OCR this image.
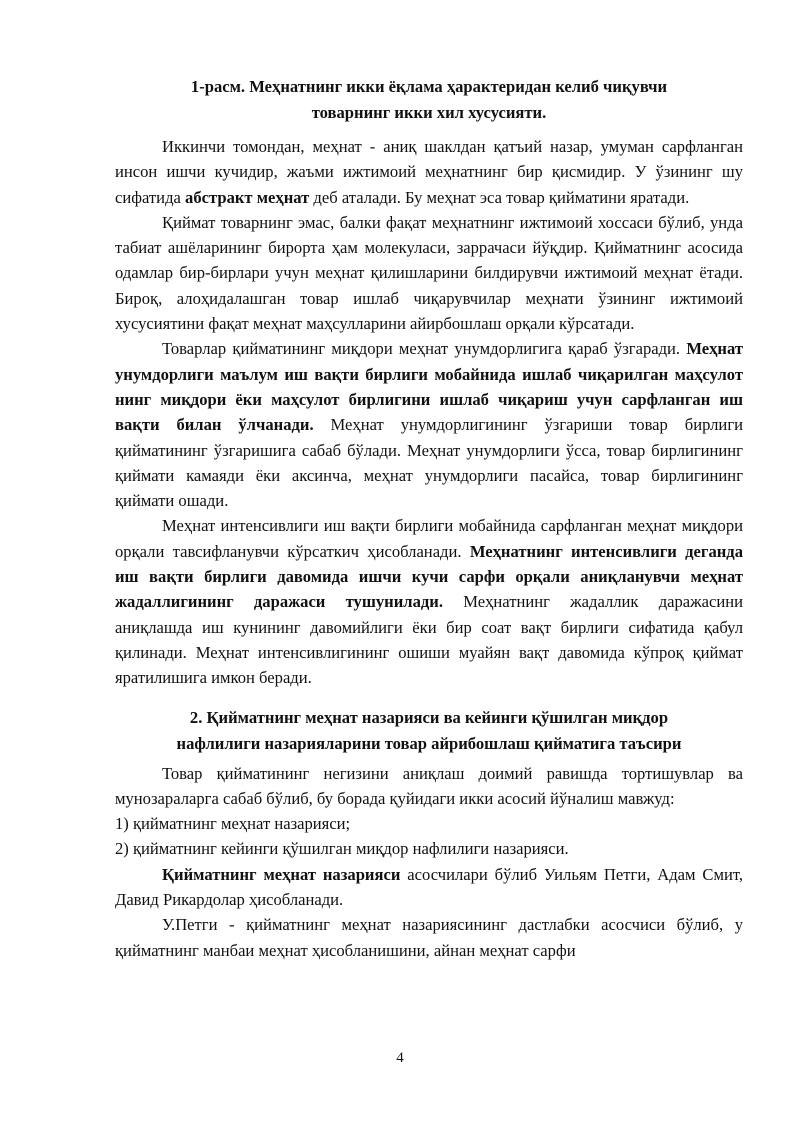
1-расм. Меҳнатнинг икки ёқлама ҳарактеридан келиб чиқувчи
товарнинг икки хил хусусияти.

Иккинчи томондан, меҳнат - аниқ шаклдан қатъий назар, умуман сарфланган инсон ишчи кучидир, жаъми ижтимоий меҳнатнинг бир қисмидир. У ўзининг шу сифатида абстракт меҳнат деб аталади. Бу меҳнат эса товар қийматини яратади.

Қиймат товарнинг эмас, балки фақат меҳнатнинг ижтимоий хоссаси бўлиб, унда табиат ашёларининг бирорта ҳам молекуласи, заррачаси йўқдир. Қийматнинг асосида одамлар бир-бирлари учун меҳнат қилишларини билдирувчи ижтимоий меҳнат ётади. Бироқ, алоҳидалашган товар ишлаб чиқарувчилар меҳнати ўзининг ижтимоий хусусиятини фақат меҳнат маҳсулларини айирбошлаш орқали кўрсатади.

Товарлар қийматининг миқдори меҳнат унумдорлигига қараб ўзгаради. Меҳнат унумдорлиги маълум иш вақти бирлиги мобайнида ишлаб чиқарилган маҳсулот нинг миқдори ёки маҳсулот бирлигини ишлаб чиқариш учун сарфланган иш вақти билан ўлчанади. Меҳнат унумдорлигининг ўзгариши товар бирлиги қийматининг ўзгаришига сабаб бўлади. Меҳнат унумдорлиги ўсса, товар бирлигининг қиймати камаяди ёки аксинча, меҳнат унумдорлиги пасайса, товар бирлигининг қиймати ошади.

Меҳнат интенсивлиги иш вақти бирлиги мобайнида сарфланган меҳнат миқдори орқали тавсифланувчи кўрсаткич ҳисобланади. Меҳнатнинг интенсивлиги деганда иш вақти бирлиги давомида ишчи кучи сарфи орқали аниқланувчи меҳнат жадаллигининг даражаси тушунилади. Меҳнатнинг жадаллик даражасини аниқлашда иш кунининг давомийлиги ёки бир соат вақт бирлиги сифатида қабул қилинади. Меҳнат интенсивлигининг ошиши муайян вақт давомида кўпроқ қиймат яратилишига имкон беради.

2. Қийматнинг меҳнат назарияси ва кейинги қўшилган миқдор
нафлилиги назарияларини товар айрибошлаш қийматига таъсири

Товар қийматининг негизини аниқлаш доимий равишда тортишувлар ва мунозараларга сабаб бўлиб, бу борада қуйидаги икки асосий йўналиш мавжуд:

1) қийматнинг меҳнат назарияси;

2) қийматнинг кейинги қўшилган миқдор нафлилиги назарияси.

Қийматнинг меҳнат назарияси асосчилари бўлиб Уильям Петги, Адам Смит, Давид Рикардолар ҳисобланади.

У.Петги - қийматнинг меҳнат назариясининг дастлабки асосчиси бўлиб, у қийматнинг манбаи меҳнат ҳисобланишини, айнан меҳнат сарфи

4
